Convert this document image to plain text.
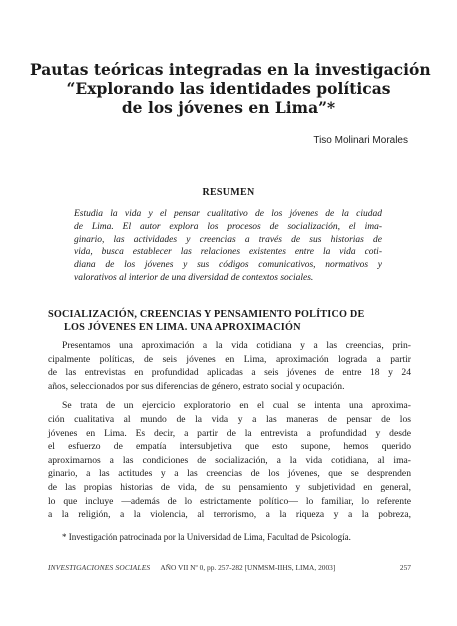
Pautas teóricas integradas en la investigación
“Explorando las identidades políticas
de los jóvenes en Lima”*
Tiso Molinari Morales
RESUMEN
Estudia la vida y el pensar cualitativo de los jóvenes de la ciudad
de Lima. El autor explora los procesos de socialización, el ima-
ginario, las actividades y creencias a través de sus historias de
vida, busca establecer las relaciones existentes entre la vida coti-
diana de los jóvenes y sus códigos comunicativos, normativos y
valorativos al interior de una diversidad de contextos sociales.
SOCIALIZACIÓN, CREENCIAS Y PENSAMIENTO POLÍTICO DE
LOS JÓVENES EN LIMA. UNA APROXIMACIÓN
Presentamos una aproximación a la vida cotidiana y a las creencias, prin-
cipalmente políticas, de seis jóvenes en Lima, aproximación lograda a partir
de las entrevistas en profundidad aplicadas a seis jóvenes de entre 18 y 24
años, seleccionados por sus diferencias de género, estrato social y ocupación.
Se trata de un ejercicio exploratorio en el cual se intenta una aproxima-
ción cualitativa al mundo de la vida y a las maneras de pensar de los
jóvenes en Lima. Es decir, a partir de la entrevista a profundidad y desde
el esfuerzo de empatía intersubjetiva que esto supone, hemos querido
aproximarnos a las condiciones de socialización, a la vida cotidiana, al ima-
ginario, a las actitudes y a las creencias de los jóvenes, que se desprenden
de las propias historias de vida, de su pensamiento y subjetividad en general,
lo que incluye —además de lo estrictamente político— lo familiar, lo referente
a la religión, a la violencia, al terrorismo, a la riqueza y a la pobreza,
* Investigación patrocinada por la Universidad de Lima, Facultad de Psicología.
INVESTIGACIONES SOCIALES AÑO VII Nº 0, pp. 257-282 [UNMSM-IIHS, LIMA, 2003]	257
